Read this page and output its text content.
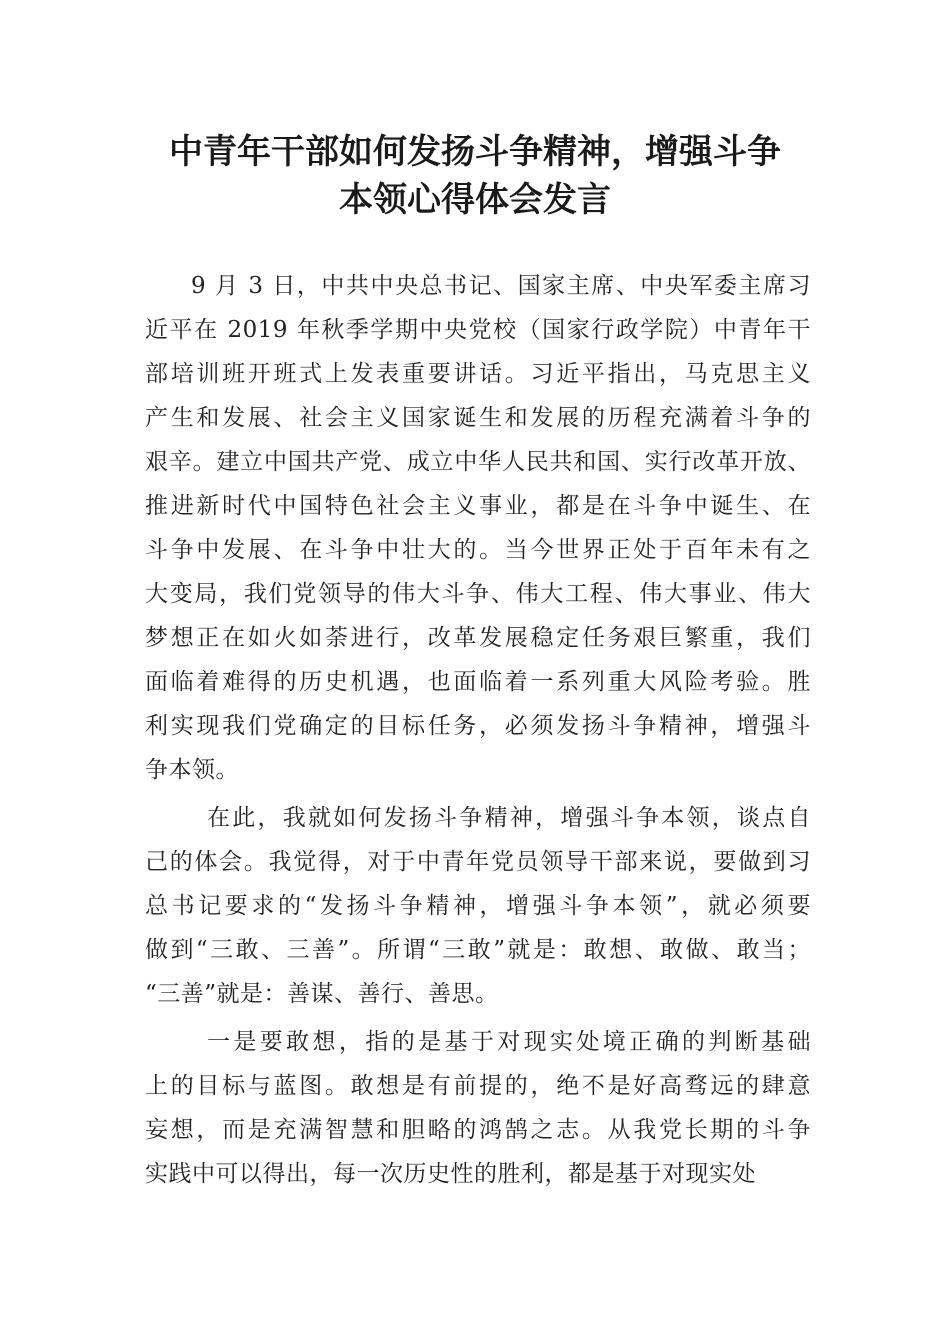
中青年干部如何发扬斗争精神，增强斗争
本领心得体会发言
9 月 3 日，中共中央总书记、国家主席、中央军委主席习
近平在 2019 年秋季学期中央党校（国家行政学院）中青年干
部培训班开班式上发表重要讲话。习近平指出，马克思主义
产生和发展、社会主义国家诞生和发展的历程充满着斗争的
艰辛。建立中国共产党、成立中华人民共和国、实行改革开放、
推进新时代中国特色社会主义事业，都是在斗争中诞生、在
斗争中发展、在斗争中壮大的。当今世界正处于百年未有之
大变局，我们党领导的伟大斗争、伟大工程、伟大事业、伟大
梦想正在如火如荼进行，改革发展稳定任务艰巨繁重，我们
面临着难得的历史机遇，也面临着一系列重大风险考验。胜
利实现我们党确定的目标任务，必须发扬斗争精神，增强斗
争本领。
在此，我就如何发扬斗争精神，增强斗争本领，谈点自
己的体会。我觉得，对于中青年党员领导干部来说，要做到习
总书记要求的“发扬斗争精神，增强斗争本领”，就必须要
做到“三敢、三善”。所谓“三敢”就是：敢想、敢做、敢当；
“三善”就是：善谋、善行、善思。
一是要敢想，指的是基于对现实处境正确的判断基础
上的目标与蓝图。敢想是有前提的，绝不是好高骛远的肆意
妄想，而是充满智慧和胆略的鸿鹄之志。从我党长期的斗争
实践中可以得出，每一次历史性的胜利，都是基于对现实处
